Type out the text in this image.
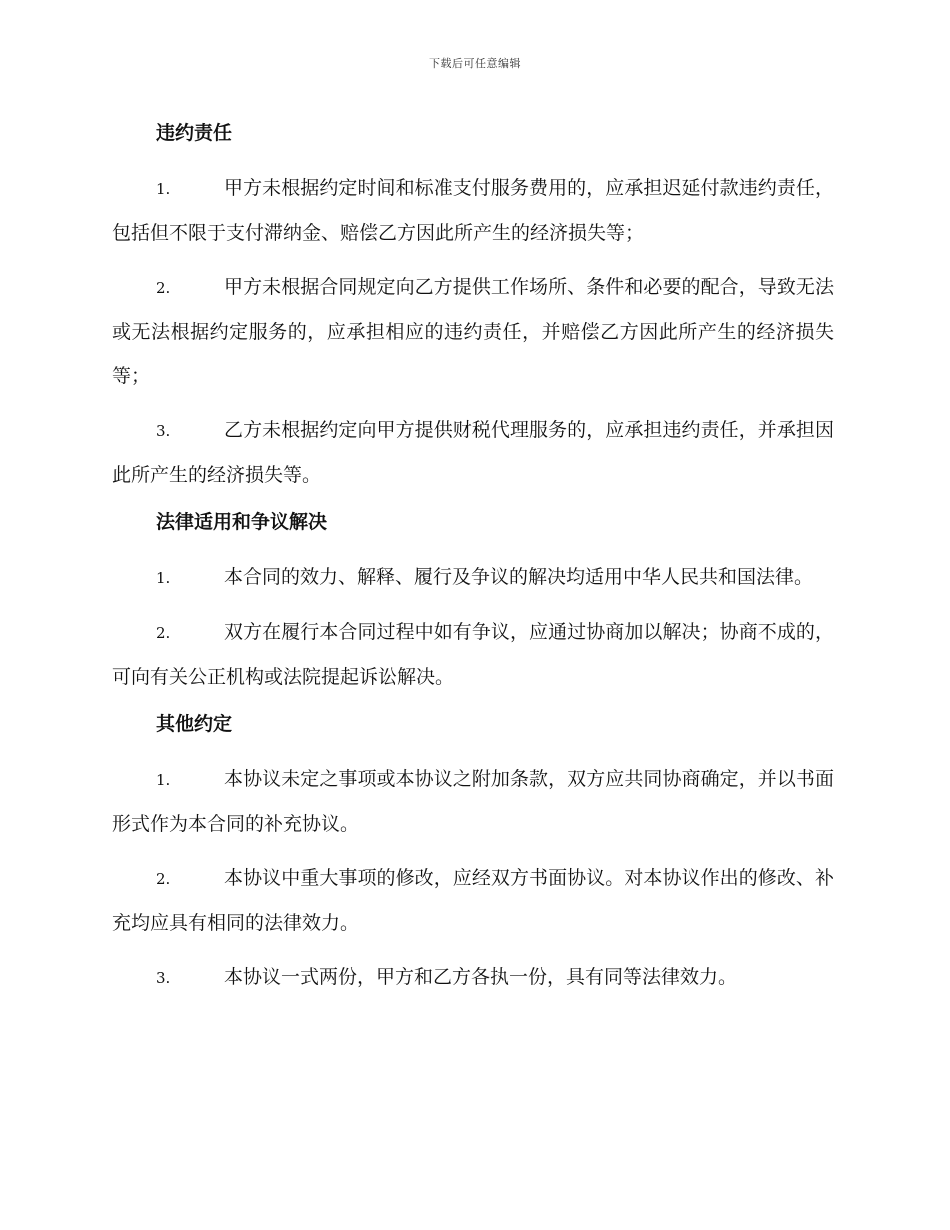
下载后可任意编辑
违约责任

1.	甲方未根据约定时间和标准支付服务费用的，应承担迟延付款违约责任，包括但不限于支付滞纳金、赔偿乙方因此所产生的经济损失等；

2.	甲方未根据合同规定向乙方提供工作场所、条件和必要的配合，导致无法或无法根据约定服务的，应承担相应的违约责任，并赔偿乙方因此所产生的经济损失等；

3.	乙方未根据约定向甲方提供财税代理服务的，应承担违约责任，并承担因此所产生的经济损失等。

法律适用和争议解决

1.	本合同的效力、解释、履行及争议的解决均适用中华人民共和国法律。

2.	双方在履行本合同过程中如有争议，应通过协商加以解决；协商不成的，可向有关公正机构或法院提起诉讼解决。

其他约定

1.	本协议未定之事项或本协议之附加条款，双方应共同协商确定，并以书面形式作为本合同的补充协议。

2.	本协议中重大事项的修改，应经双方书面协议。对本协议作出的修改、补充均应具有相同的法律效力。

3.	本协议一式两份，甲方和乙方各执一份，具有同等法律效力。
